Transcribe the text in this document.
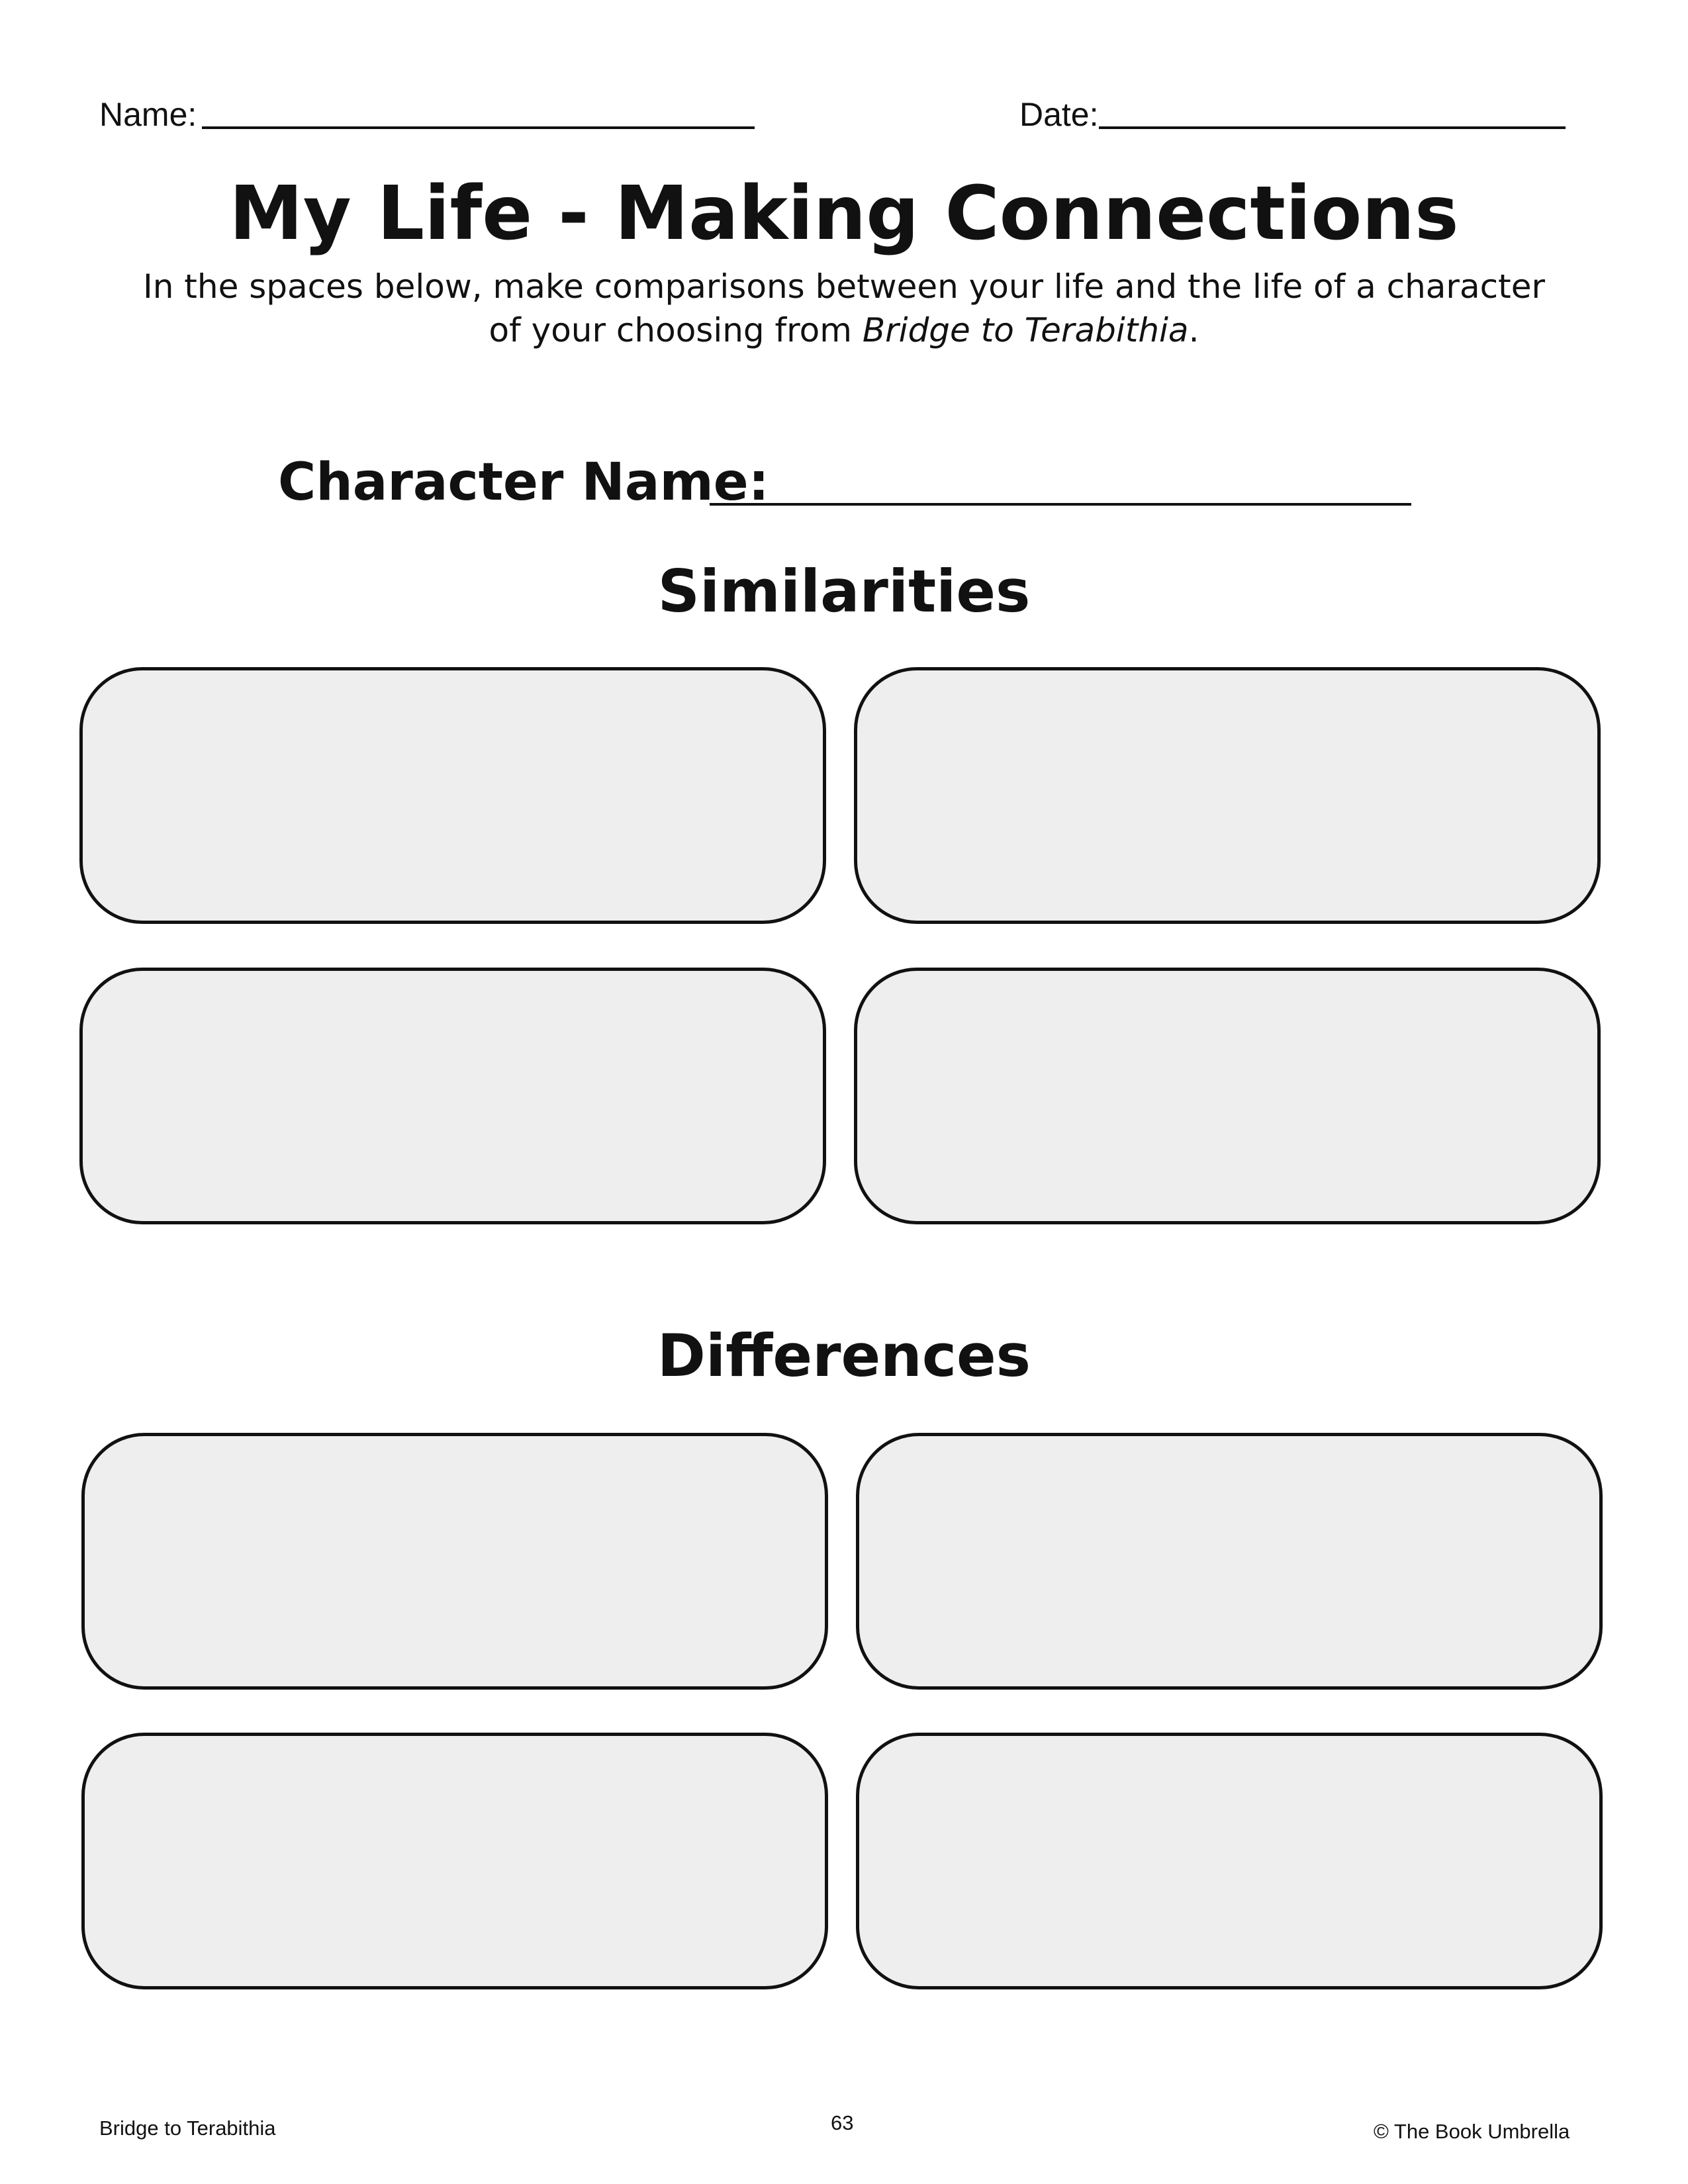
Name:	Date:
My Life - Making Connections
In the spaces below, make comparisons between your life and the life of a character of your choosing from Bridge to Terabithia.
Character Name:
Similarities
Differences
Bridge to Terabithia	63	© The Book Umbrella
